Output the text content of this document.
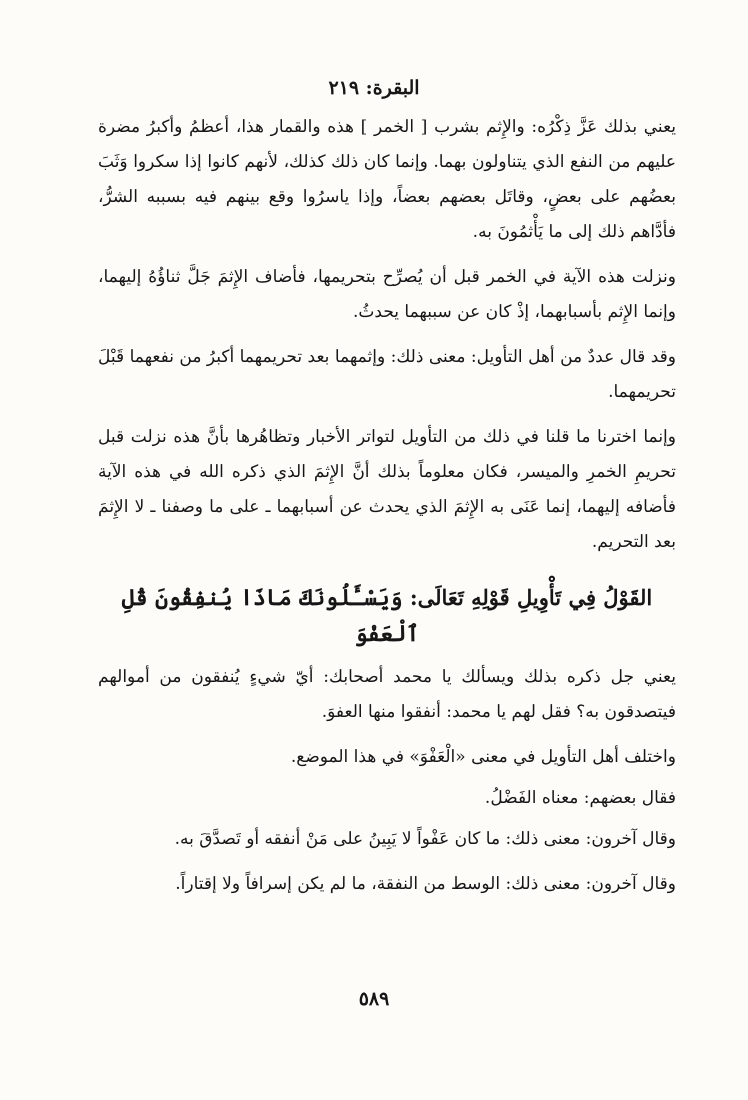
البقرة: ٢١٩

يعني بذلك عَزَّ ذِكْرُه: والإِثم بشرب [ الخمر ] هذه والقمار هذا، أعظمُ وأكبرُ مضرة عليهم من النفع الذي يتناولون بهما. وإنما كان ذلك كذلك، لأنهم كانوا إذا سكروا وَثَبَ بعضُهم على بعضٍ، وقاتَل بعضهم بعضاً، وإذا ياسرُوا وقع بينهم فيه بسببه الشرُّ، فأدَّاهم ذلك إلى ما يَأْثمُونَ به.

ونزلت هذه الآية في الخمر قبل أن يُصرِّح بتحريمها، فأضاف الإِثمَ جَلَّ ثناؤُهُ إليهما، وإنما الإِثم بأسبابهما، إذْ كان عن سببهما يحدثُ.

وقد قال عددٌ من أهل التأويل: معنى ذلك: وإثمهما بعد تحريمهما أكبرُ من نفعهما قَبْلَ تحريمهما.

وإنما اخترنا ما قلنا في ذلك من التأويل لتواتر الأخبار وتظاهُرها بأنَّ هذه نزلت قبل تحريمِ الخمرِ والميسر، فكان معلوماً بذلك أنَّ الإِثمَ الذي ذكره الله في هذه الآية فأضافه إليهما، إنما عَنَى به الإِثمَ الذي يحدث عن أسبابهما ـ على ما وصفنا ـ لا الإِثمَ بعد التحريم.

القَوْلُ فِي تَأْوِيلِ قَوْلِهِ تَعَالَى: وَيَسْـَٔلُونَكَ مَاذَا يُنفِقُونَ قُلِ ٱلْعَفْوَ

يعني جل ذكره بذلك ويسألك يا محمد أصحابك: أيّ شيءٍ يُنفقون من أموالهم فيتصدقون به؟ فقل لهم يا محمد: أنفقوا منها العفوَ.

واختلف أهل التأويل في معنى «الْعَفْوَ» في هذا الموضع.

فقال بعضهم: معناه الفَضْلُ.

وقال آخرون: معنى ذلك: ما كان عَفْواً لا يَبِينُ على مَنْ أنفقه أو تَصدَّقَ به.

وقال آخرون: معنى ذلك: الوسط من النفقة، ما لم يكن إسرافاً ولا إقتاراً.

٥٨٩
